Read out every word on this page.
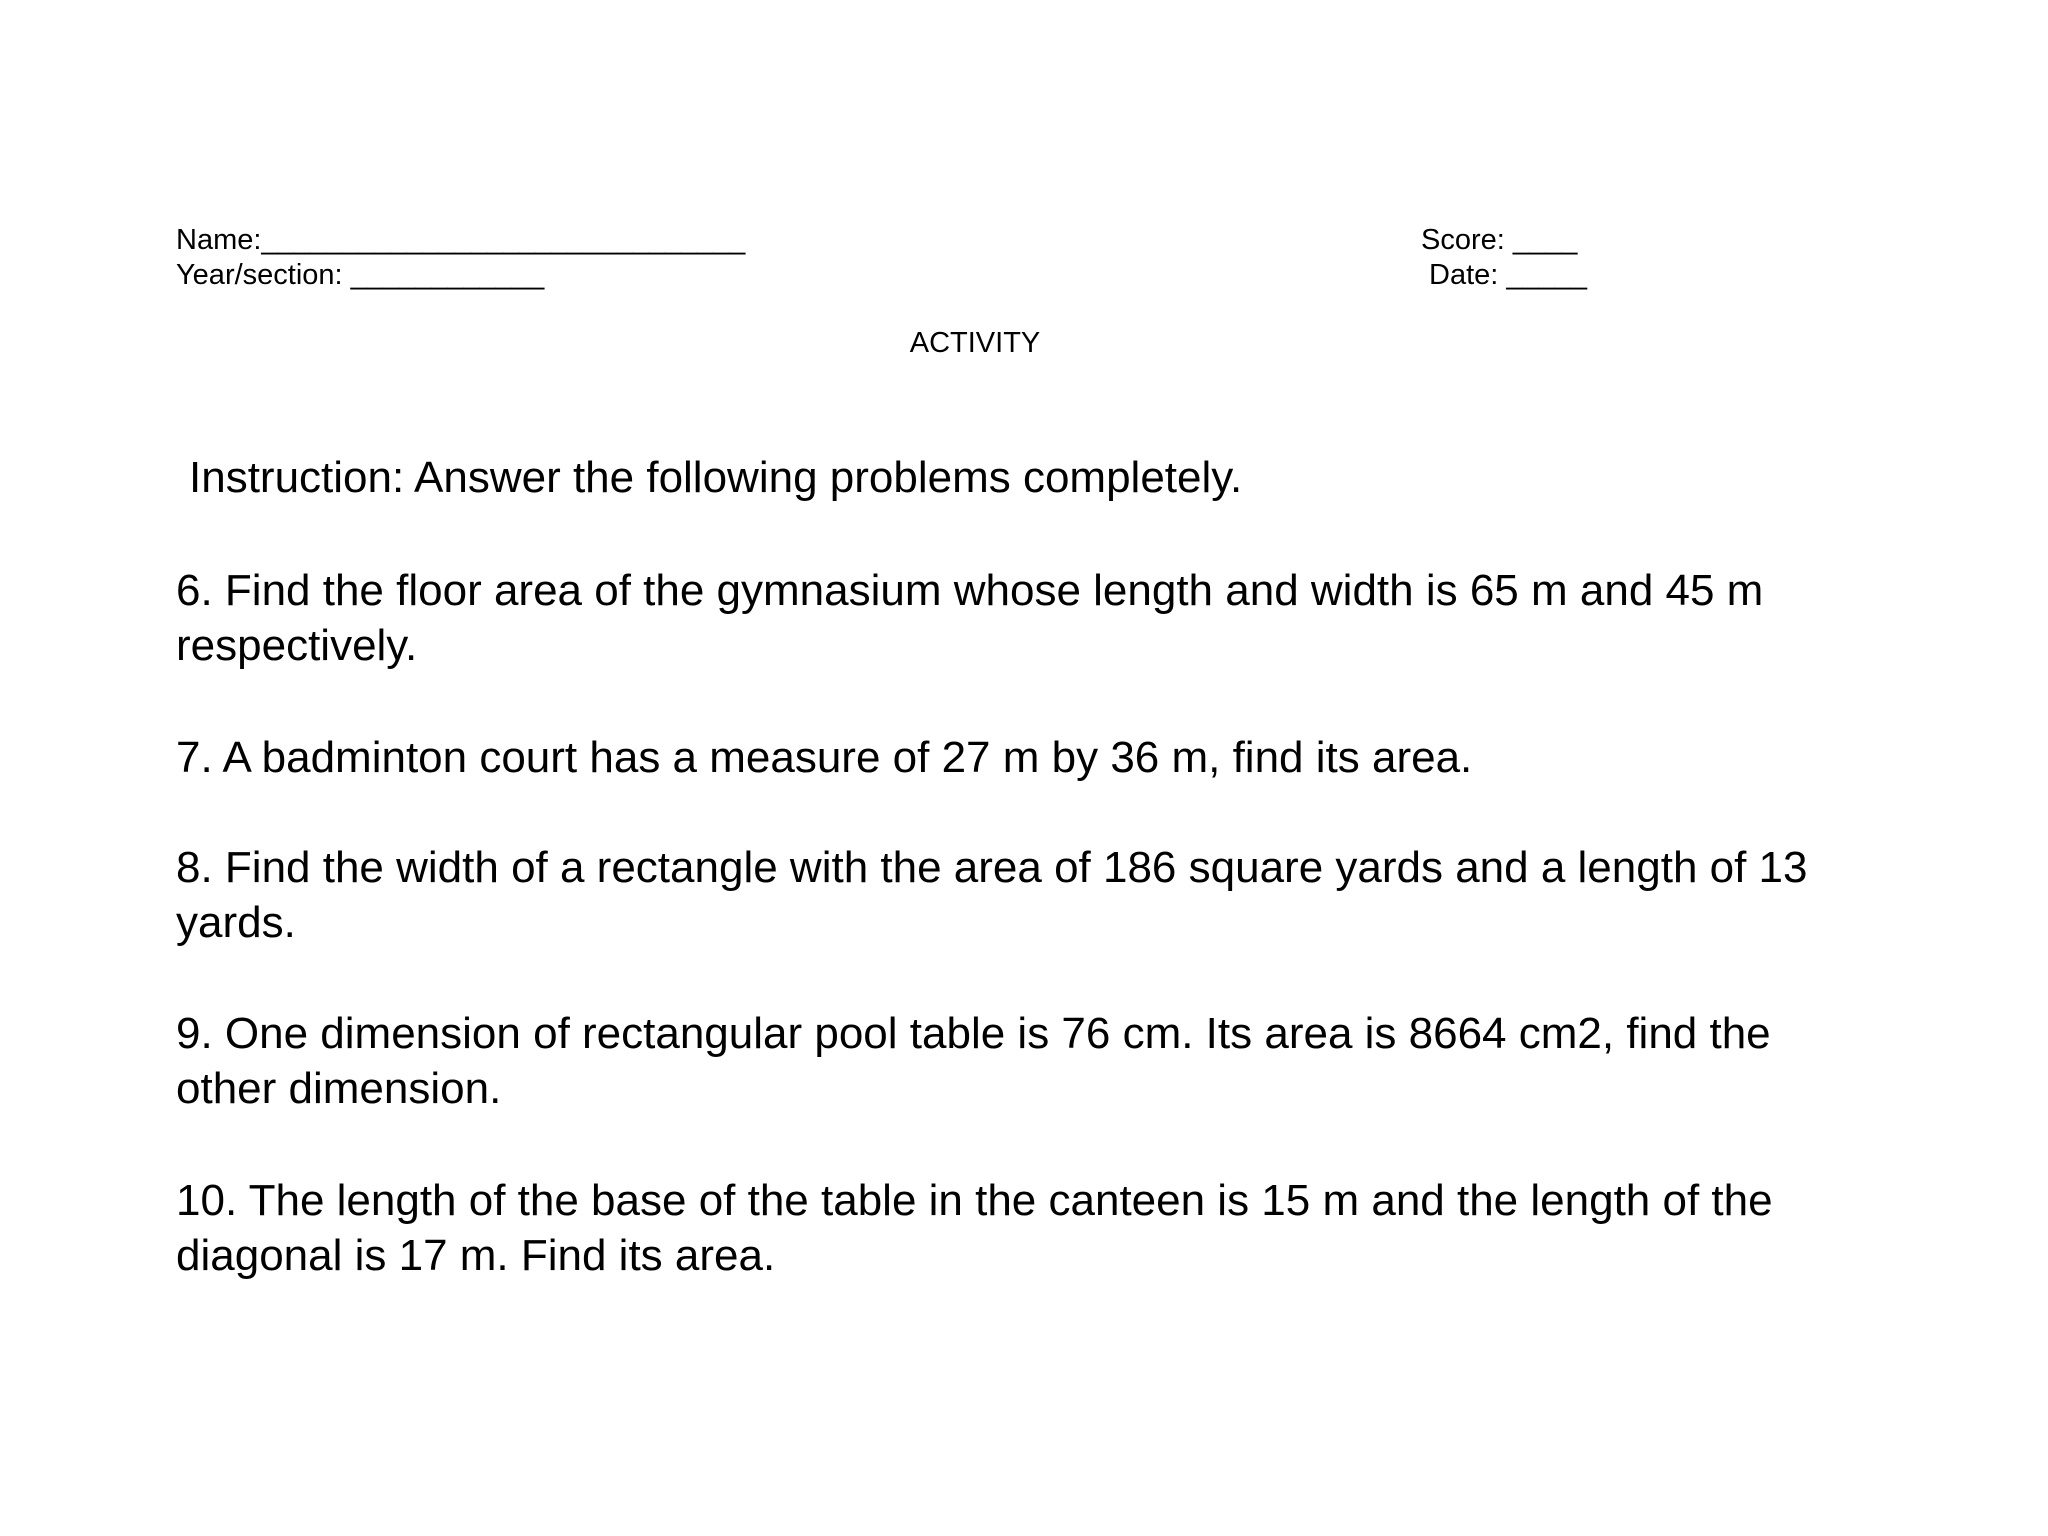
Name:______________________________
Year/section: ____________
Score: ____
Date: _____
ACTIVITY
Instruction: Answer the following problems completely.

6. Find the floor area of the gymnasium whose length and width is 65 m and 45 m respectively.

7. A badminton court has a measure of 27 m by 36 m, find its area.

8. Find the width of a rectangle with the area of 186 square yards and a length of 13 yards.

9. One dimension of rectangular pool table is 76 cm. Its area is 8664 cm2, find the other dimension.

10. The length of the base of the table in the canteen is 15 m and the length of the diagonal is 17 m. Find its area.
